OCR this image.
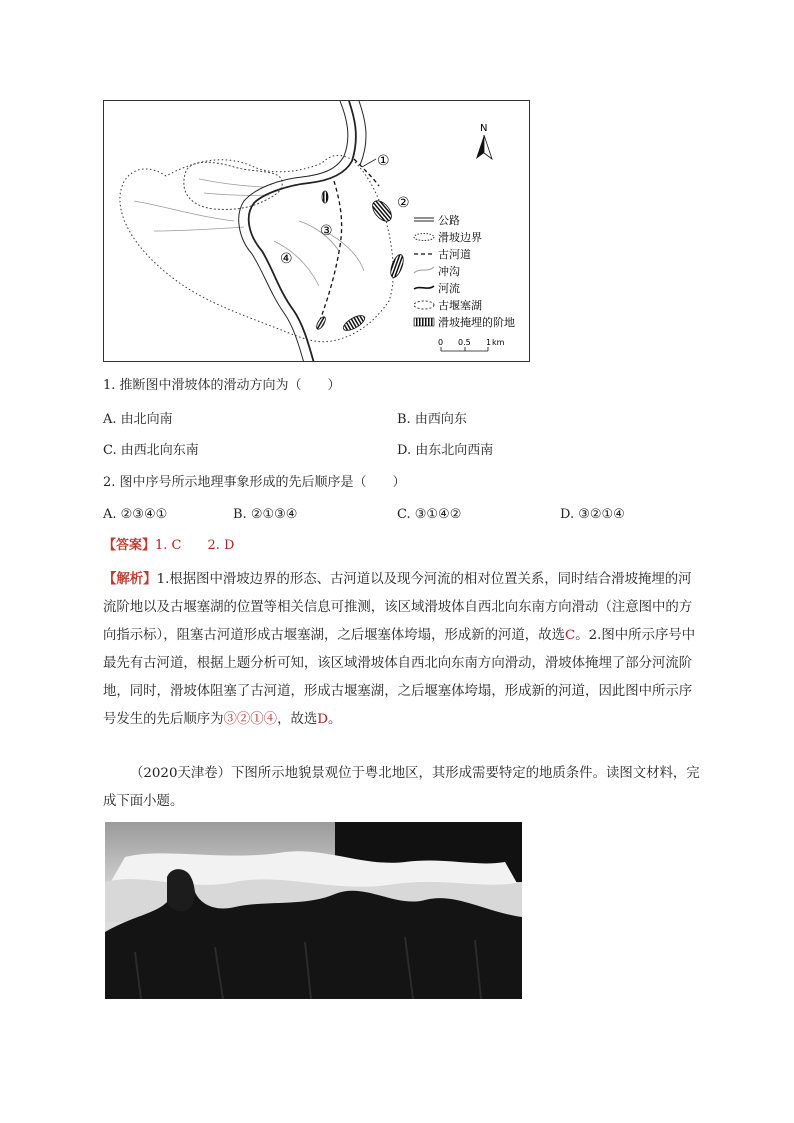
①
②
③
④
N
公路
滑坡边界
古河道
冲沟
河流
古堰塞湖
滑坡掩埋的阶地
0 0.5 1 km
1. 推断图中滑坡体的滑动方向为（　　）
A. 由北向南	B. 由西向东
C. 由西北向东南	D. 由东北向西南
2. 图中序号所示地理事象形成的先后顺序是（　　）
A. ②③④①	B. ②①③④	C. ③①④②	D. ③②①④
【答案】1. C　　2. D
【解析】1.根据图中滑坡边界的形态、古河道以及现今河流的相对位置关系，同时结合滑坡掩埋的河流阶地以及古堰塞湖的位置等相关信息可推测，该区域滑坡体自西北向东南方向滑动（注意图中的方向指示标），阻塞古河道形成古堰塞湖，之后堰塞体垮塌，形成新的河道，故选C。2.图中所示序号中最先有古河道，根据上题分析可知，该区域滑坡体自西北向东南方向滑动，滑坡体掩埋了部分河流阶地，同时，滑坡体阻塞了古河道，形成古堰塞湖，之后堰塞体垮塌，形成新的河道，因此图中所示序号发生的先后顺序为③②①④，故选D。
（2020天津卷）下图所示地貌景观位于粤北地区，其形成需要特定的地质条件。读图文材料，完成下面小题。
